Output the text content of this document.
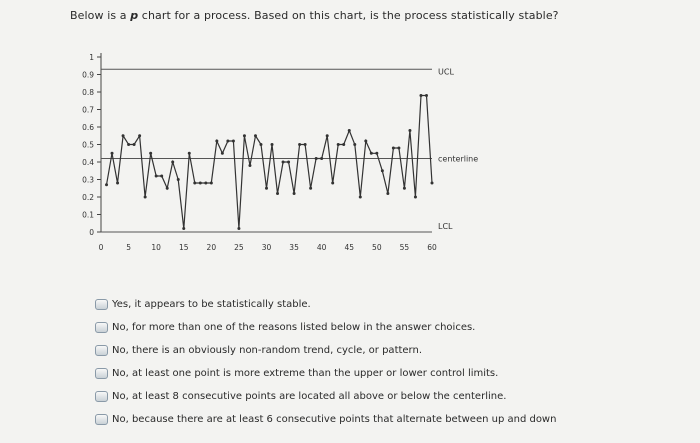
Below is a p chart for a process. Based on this chart, is the process statistically stable?
0
0.1
0.2
0.3
0.4
0.5
0.6
0.7
0.8
0.9
1
0	5	10 15 20 25 30 35 40 45 50 55 60
UCL
centerline
LCL
Yes, it appears to be statistically stable.
No, for more than one of the reasons listed below in the answer choices.
No, there is an obviously non-random trend, cycle, or pattern.
No, at least one point is more extreme than the upper or lower control limits.
No, at least 8 consecutive points are located all above or below the centerline.
No, because there are at least 6 consecutive points that alternate between up and down
